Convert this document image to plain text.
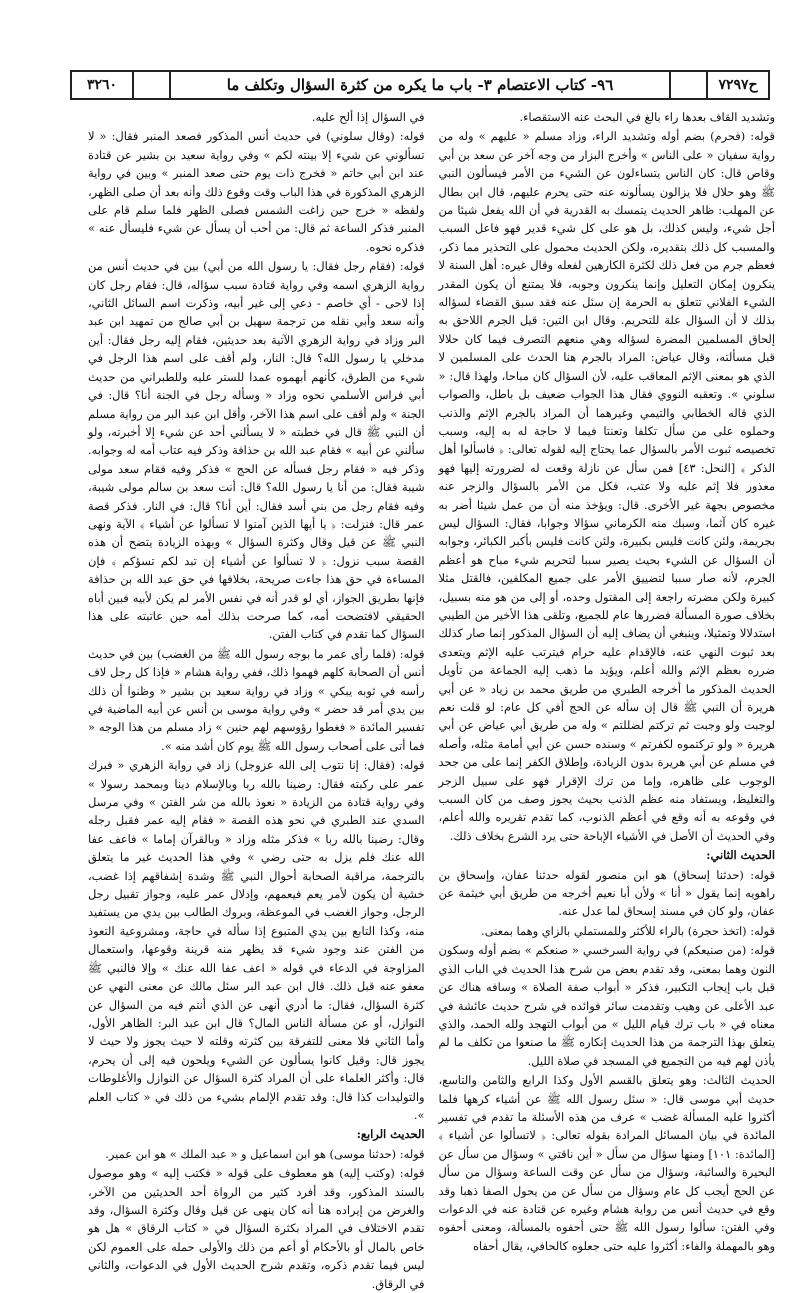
٣٢٦٠	٩٦- كتاب الاعتصام ٣- باب ما يكره من كثرة السؤال وتكلف ما	ح٧٢٩٧

وتشديد القاف بعدها راء بالغ في البحث عنه الاستقصاء.

قوله: (فحرم) بضم أوله وتشديد الراء، وزاد مسلم « عليهم » وله من رواية سفيان « على الناس » وأخرج البزار من وجه آخر عن سعد بن أبي وقاص قال: كان الناس يتساءلون عن الشيء من الأمر فيسألون النبي ﷺ وهو حلال فلا يزالون يسألونه عنه حتى يحرم عليهم، قال ابن بطال عن المهلب: ظاهر الحديث يتمسك به القدرية في أن الله يفعل شيئا من أجل شيء، وليس كذلك، بل هو على كل شيء قدير فهو فاعل السبب والمسبب كل ذلك بتقديره، ولكن الحديث محمول على التحذير مما ذكر، فعظم جرم من فعل ذلك لكثرة الكارهين لفعله وقال غيره: أهل السنة لا ينكرون إمكان التعليل وإنما ينكرون وجوبه، فلا يمتنع أن يكون المقدر الشيء الفلاني تتعلق به الحرمة إن سئل عنه فقد سبق القضاء لسؤاله بذلك لا أن السؤال علة للتحريم. وقال ابن التين: قيل الجرم اللاحق به إلحاق المسلمين المضرة لسؤاله وهي منعهم التصرف فيما كان حلالا قبل مسألته، وقال عياض: المراد بالجرم هنا الحدث على المسلمين لا الذي هو بمعنى الإثم المعاقب عليه، لأن السؤال كان مباحا، ولهذا قال: « سلوني ». وتعقبه النووي فقال هذا الجواب ضعيف بل باطل، والصواب الذي قاله الخطابي والتيمي وغيرهما أن المراد بالجرم الإثم والذنب وحملوه على من سأل تكلفا وتعنتا فيما لا حاجة له به إليه، وسبب تخصيصه ثبوت الأمر بالسؤال عما يحتاج إليه لقوله تعالى: ﴿ فاسألوا أهل الذكر ﴾ [النحل: ٤٣] فمن سأل عن نازلة وقعت له لضرورته إليها فهو معذور فلا إثم عليه ولا عتب، فكل من الأمر بالسؤال والزجر عنه مخصوص بجهة غير الأخرى. قال: ويؤخذ منه أن من عمل شيئا أضر به غيره كان آثما، وسبك منه الكرماني سؤالا وجوابا، فقال: السؤال ليس بجريمة، ولئن كانت فليس بكبيرة، ولئن كانت فليس بأكبر الكبائر، وجوابه أن السؤال عن الشيء بحيث يصير سببا لتحريم شيء مباح هو أعظم الجرم، لأنه صار سببا لتضييق الأمر على جميع المكلفين، فالقتل مثلا كبيرة ولكن مضرته راجعة إلى المقتول وحده، أو إلى من هو منه بسبيل، بخلاف صورة المسألة فضررها عام للجميع، وتلقى هذا الأخير من الطيبي استدلالا وتمثيلا، وينبغي أن يضاف إليه أن السؤال المذكور إنما صار كذلك بعد ثبوت النهي عنه، فالإقدام عليه حرام فيترتب عليه الإثم ويتعدى ضرره بعظم الإثم والله أعلم، ويؤيد ما ذهب إليه الجماعة من تأويل الحديث المذكور ما أخرجه الطبري من طريق محمد بن زياد « عن أبي هريرة أن النبي ﷺ قال إن سأله عن الحج أفي كل عام: لو قلت نعم لوجبت ولو وجبت ثم تركتم لضللتم » وله من طريق أبي عياض عن أبي هريرة « ولو تركتموه لكفرتم » وسنده حسن عن أبي أمامة مثله، وأصله في مسلم عن أبي هريرة بدون الزيادة، وإطلاق الكفر إنما على من جحد الوجوب على ظاهره، وإما من ترك الإقرار فهو على سبيل الزجر والتغليظ، ويستفاد منه عظم الذنب بحيث يجوز وصف من كان السبب في وقوعه به أنه وقع في أعظم الذنوب، كما تقدم تقريره والله أعلم، وفي الحديث أن الأصل في الأشياء الإباحة حتى يرد الشرع بخلاف ذلك.

الحديث الثاني:

قوله: (حدثنا إسحاق) هو ابن منصور لقوله حدثنا عفان، وإسحاق بن راهويه إنما يقول « أنا » ولأن أبا نعيم أخرجه من طريق أبي خيثمة عن عفان، ولو كان في مسند إسحاق لما عدل عنه.

قوله: (اتخذ حجرة) بالراء للأكثر وللمستملي بالزاي وهما بمعنى.

قوله: (من صنيعكم) في رواية السرخسي « صنعكم » بضم أوله وسكون النون وهما بمعنى، وقد تقدم بعض من شرح هذا الحديث في الباب الذي قبل باب إيجاب التكبير، فذكر « أبواب صفة الصلاة » وسافه هناك عن عبد الأعلى عن وهيب وتقدمت سائر فوائده في شرح حديث عائشة في معناه في « باب ترك قيام الليل » من أبواب التهجد ولله الحمد، والذي يتعلق بهذا الترجمة من هذا الحديث إنكاره ﷺ ما صنعوا من تكلف ما لم يأذن لهم فيه من التجميع في المسجد في صلاة الليل.

الحديث الثالث: وهو يتعلق بالقسم الأول وكذا الرابع والثامن والتاسع، حديث أبي موسى قال: « سئل رسول الله ﷺ عن أشياء كرهها فلما أكثروا عليه المسألة غضب » عرف من هذه الأسئلة ما تقدم في تفسير المائدة في بيان المسائل المرادة بقوله تعالى: ﴿ لاتسألوا عن أشياء ﴾ [المائدة: ١٠١] ومنها سؤال من سأل « أين ناقتي » وسؤال من سأل عن البحيرة والسائبة، وسؤال من سأل عن وقت الساعة وسؤال من سأل عن الحج أيجب كل عام وسؤال من سأل عن من يحول الصفا ذهبا وقد وقع في حديث أنس من رواية هشام وغيره عن قتادة عنه في الدعوات وفي الفتن: سألوا رسول الله ﷺ حتى أحفوه بالمسألة، ومعنى أحفوه وهو بالمهملة والفاء: أكثروا عليه حتى جعلوه كالحافي، يقال أحفاه

في السؤال إذا ألح عليه.

قوله: (وقال سلوني) في حديث أنس المذكور فصعد المنبر فقال: « لا تسألوني عن شيء إلا بينته لكم » وفي رواية سعيد بن بشير عن قتادة عند ابن أبي حاتم « فخرج ذات يوم حتى صعد المنبر » وبين في رواية الزهري المذكورة في هذا الباب وقت وقوع ذلك وأنه بعد أن صلى الظهر، ولفظه « خرج حين زاغت الشمس فصلى الظهر فلما سلم قام على المنبر فذكر الساعة ثم قال: من أحب أن يسأل عن شيء فليسأل عنه » فذكره نحوه.

قوله: (فقام رجل فقال: يا رسول الله من أبي) بين في حديث أنس من رواية الزهري اسمه وفي رواية قتادة سبب سؤاله، قال: فقام رجل كان إذا لاحى - أي خاصم - دعي إلى غير أبيه، وذكرت اسم السائل الثاني، وأنه سعد وأبي نقله من ترجمة سهيل بن أبي صالح من تمهيد ابن عبد البر وزاد في رواية الزهري الآتية بعد حديثين، فقام إليه رجل فقال: أين مدخلي يا رسول الله؟ قال: النار، ولم أقف على اسم هذا الرجل في شيء من الطرق، كأنهم أبهموه عمدا للستر عليه وللطبراني من حديث أبي فراس الأسلمي نحوه وزاد « وسأله رجل في الجنة أنا؟ قال: في الجنة » ولم أقف على اسم هذا الآخر، وأقل ابن عبد البر من رواية مسلم أن النبي ﷺ قال في خطبته « لا يسألني أحد عن شيء إلا أخبرته، ولو سألني عن أبيه » فقام عبد الله بن حذافة وذكر فيه عتاب أمه له وجوابه. وذكر فيه « فقام رجل فسأله عن الحج » فذكر وفيه فقام سعد مولى شيبة فقال: من أنا يا رسول الله؟ قال: أنت سعد بن سالم مولى شيبة، وفيه فقام رجل من بني أسد فقال: أين أنا؟ قال: في النار. فذكر قصة عمر قال: فنزلت: ﴿ يا أيها الذين آمنوا لا تسألوا عن أشياء ﴾ الآية ونهى النبي ﷺ عن قيل وقال وكثرة السؤال » وبهذه الزيادة يتضح أن هذه القصة سبب نزول: ﴿ لا تسألوا عن أشياء إن تبد لكم تسؤكم ﴾ فإن المساءة في حق هذا جاءت صريحة، بخلافها في حق عبد الله بن حذافة فإنها بطريق الجواز، أي لو قدر أنه في نفس الأمر لم يكن لأبيه فبين أباه الحقيقي لافتضحت أمه، كما صرحت بذلك أمه حين عاتبته على هذا السؤال كما تقدم في كتاب الفتن.

قوله: (فلما رأى عمر ما بوجه رسول الله ﷺ من الغضب) بين في حديث أنس أن الصحابة كلهم فهموا ذلك، ففي رواية هشام « فإذا كل رجل لاف رأسه في ثوبه يبكي » وزاد في رواية سعيد بن بشير « وظنوا أن ذلك بين يدي أمر قد حضر » وفي رواية موسى بن أنس عن أبيه الماضية في تفسير المائدة « فغطوا رؤوسهم لهم حنين » زاد مسلم من هذا الوجه « فما أتى على أصحاب رسول الله ﷺ يوم كان أشد منه ».

قوله: (فقال: إنا نتوب إلى الله عزوجل) زاد في رواية الزهري « فبرك عمر على ركبته فقال: رضينا بالله ربا وبالإسلام دينا وبمحمد رسولا » وفي رواية قتادة من الزيادة « نعوذ بالله من شر الفتن » وفي مرسل السدي عند الطبري في نحو هذه القصة « فقام إليه عمر فقبل رجله وقال: رضينا بالله ربا » فذكر مثله وزاد « وبالقرآن إماما » فاعف عفا الله عنك فلم يزل به حتى رضي » وفي هذا الحديث غير ما يتعلق بالترجمة، مراقبة الصحابة أحوال النبي ﷺ وشدة إشفاقهم إذا غضب، خشية أن يكون لأمر يعم فيعمهم، وإدلال عمر عليه، وجواز تقبيل رجل الرجل، وجواز الغضب في الموعظة، وبروك الطالب بين يدي من يستفيد منه، وكذا التابع بين يدي المتبوع إذا سأله في حاجة، ومشروعية التعوذ من الفتن عند وجود شيء قد يظهر منه قرينة وقوعها، واستعمال المزاوجة في الدعاء في قوله « اعف عفا الله عنك » وإلا فالنبي ﷺ معفو عنه قبل ذلك. قال ابن عبد البر سئل مالك عن معنى النهي عن كثرة السؤال، فقال: ما أدري أنهى عن الذي أنتم فيه من السؤال عن النوازل، أو عن مسألة الناس المال؟ قال ابن عبد البر: الظاهر الأول، وأما الثاني فلا معنى للتفرقة بين كثرته وقلته لا حيث يجوز ولا حيث لا يجوز قال: وقيل كانوا يسألون عن الشيء ويلحون فيه إلى أن يحرم، قال: وأكثر العلماء على أن المراد كثرة السؤال عن النوازل والأغلوطات والتوليدات كذا قال: وقد تقدم الإلمام بشيء من ذلك في « كتاب العلم ».

الحديث الرابع:

قوله: (حدثنا موسى) هو ابن اسماعيل و « عبد الملك » هو ابن عمير.

قوله: (وكتب إليه) هو معطوف على قوله « فكتب إليه » وهو موصول بالسند المذكور، وقد أفرد كثير من الرواة أحد الحديثين من الآخر، والغرض من إيراده هنا أنه كان ينهى عن قيل وقال وكثرة السؤال، وقد تقدم الاختلاف في المراد بكثرة السؤال في « كتاب الرقاق » هل هو خاص بالمال أو بالأحكام أو أعم من ذلك والأولى حمله على العموم لكن ليس فيما تقدم ذكره، وتقدم شرح الحديث الأول في الدعوات، والثاني في الرقاق.
